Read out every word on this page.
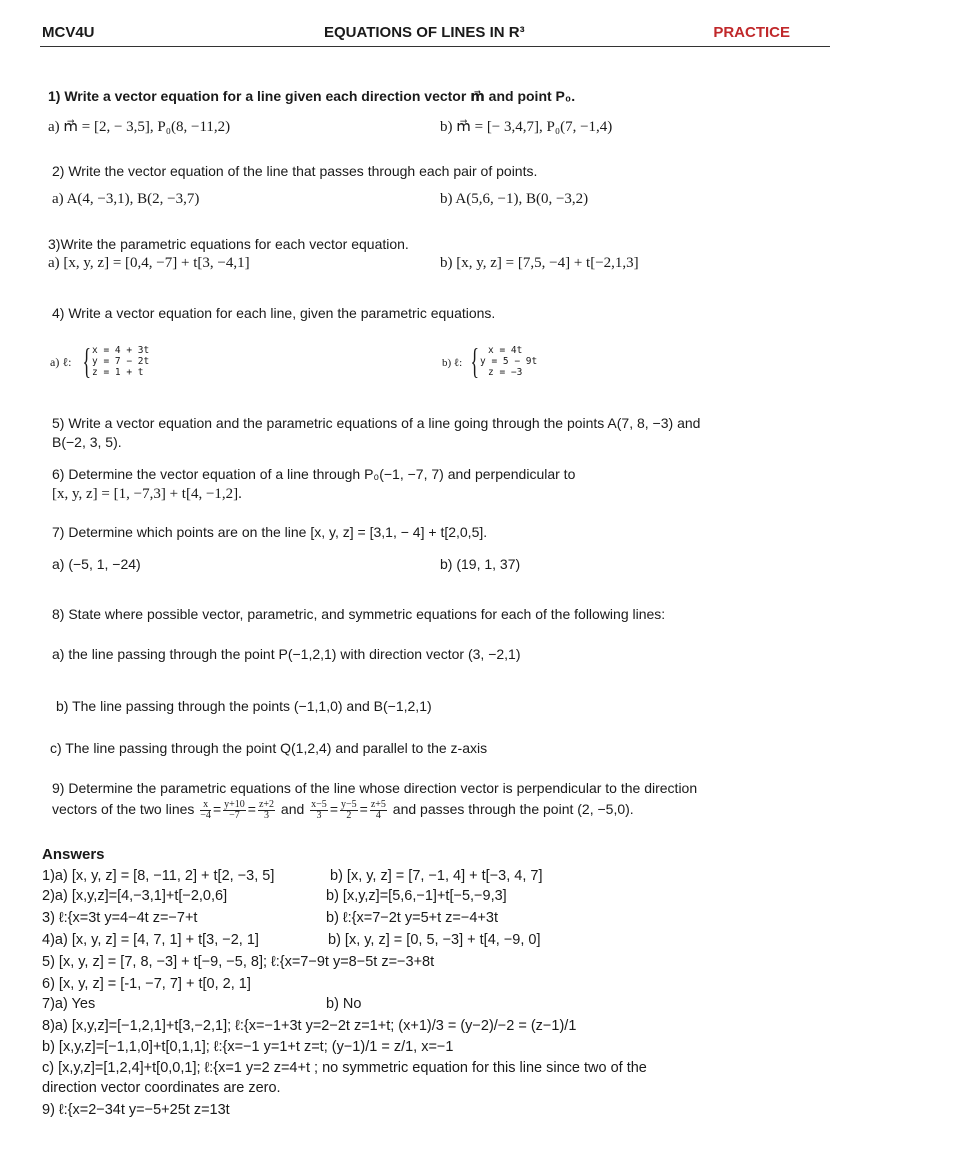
MCV4U	EQUATIONS OF LINES IN R³	PRACTICE
1) Write a vector equation for a line given each direction vector m⃗ and point P₀.
a) m⃗ = [2, − 3,5], P₀(8, −11,2)	b) m⃗ = [− 3,4,7], P₀(7, −1,4)
2) Write the vector equation of the line that passes through each pair of points.
a) A(4, −3,1), B(2, −3,7)	b) A(5,6, −1), B(0, −3,2)
3)Write the parametric equations for each vector equation.
a) [x, y, z] = [0,4, −7] + t[3, −4,1]	b) [x, y, z] = [7,5, −4] + t[−2,1,3]
4) Write a vector equation for each line, given the parametric equations.
a) ℓ: { x = 4 + 3t
y = 7 − 2t
z = 1 + t
b) ℓ: { x = 4t
y = 5 − 9t
z = −3
5) Write a vector equation and the parametric equations of a line going through the points A(7, 8, −3) and
B(−2, 3, 5).
6) Determine the vector equation of a line through P₀(−1, −7, 7) and perpendicular to
[x, y, z] = [1, −7,3] + t[4, −1,2].
7) Determine which points are on the line [x, y, z] = [3,1, − 4] + t[2,0,5].
a) (−5, 1, −24)	b) (19, 1, 37)
8) State where possible vector, parametric, and symmetric equations for each of the following lines:
a) the line passing through the point P(−1,2,1) with direction vector (3, −2,1)
b) The line passing through the points (−1,1,0) and B(−1,2,1)
c) The line passing through the point Q(1,2,4) and parallel to the z-axis
9) Determine the parametric equations of the line whose direction vector is perpendicular to the direction
vectors of the two lines $\frac{x}{-4} = \frac{y+10}{-7} = \frac{z+2}{3}$ and $\frac{x-5}{3} = \frac{y-5}{2} = \frac{z+5}{4}$ and passes through the point (2, −5,0).
Answers
1)a) [x, y, z] = [8, −11, 2] + t[2, −3, 5]	b) [x, y, z] = [7, −1, 4] + t[−3, 4, 7]
2)a) [x,y,z]=[4,−3,1]+t[−2,0,6]	b) [x,y,z]=[5,6,−1]+t[−5,−9,3]
3) ℓ:{x=3t y=4−4t z=−7+t	b) ℓ:{x=7−2t y=5+t z=−4+3t
4)a) [x, y, z] = [4, 7, 1] + t[3, −2, 1]	b) [x, y, z] = [0, 5, −3] + t[4, −9, 0]
5) [x, y, z] = [7, 8, −3] + t[−9, −5, 8]; ℓ:{x=7−9t y=8−5t z=−3+8t
6) [x, y, z] = [-1, −7, 7] + t[0, 2, 1]
7)a) Yes	b) No
8)a) [x,y,z]=[−1,2,1]+t[3,−2,1]; ℓ:{x=−1+3t y=2−2t z=1+t; (x+1)/3 = (y−2)/−2 = (z−1)/1
b) [x,y,z]=[−1,1,0]+t[0,1,1]; ℓ:{x=−1 y=1+t z=t; (y−1)/1 = z/1, x=−1
c) [x,y,z]=[1,2,4]+t[0,0,1]; ℓ:{x=1 y=2 z=4+t ; no symmetric equation for this line since two of the
direction vector coordinates are zero.
9) ℓ:{x=2−34t y=−5+25t z=13t
